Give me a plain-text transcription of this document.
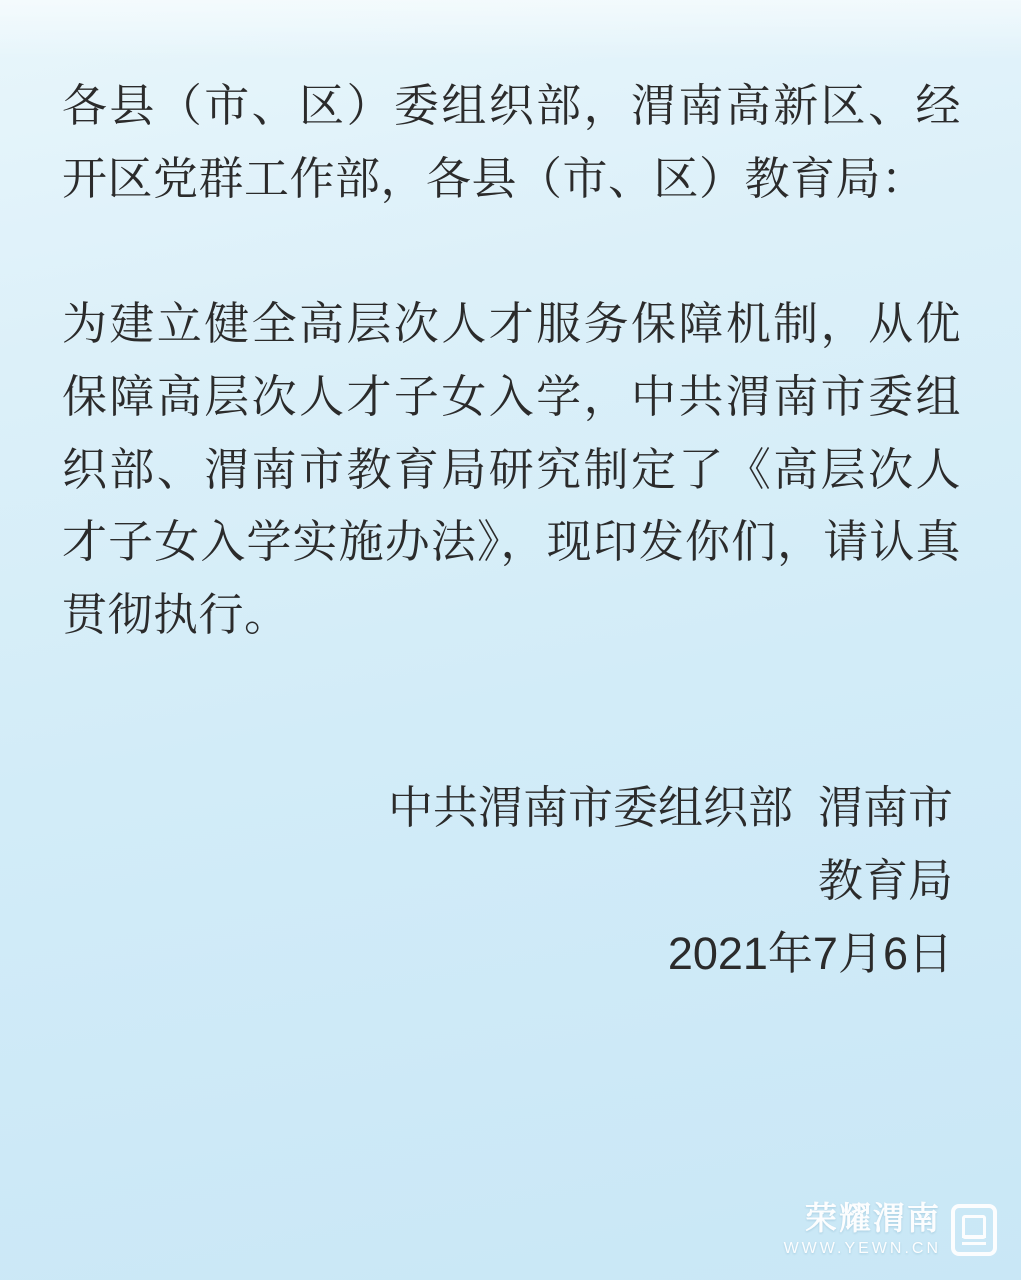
各县（市、区）委组织部，渭南高新区、经开区党群工作部，各县（市、区）教育局：

为建立健全高层次人才服务保障机制，从优保障高层次人才子女入学，中共渭南市委组织部、渭南市教育局研究制定了《高层次人才子女入学实施办法》，现印发你们，请认真贯彻执行。

中共渭南市委组织部  渭南市
教育局
2021年7月6日
荣耀渭南
WWW.YEWN.CN
